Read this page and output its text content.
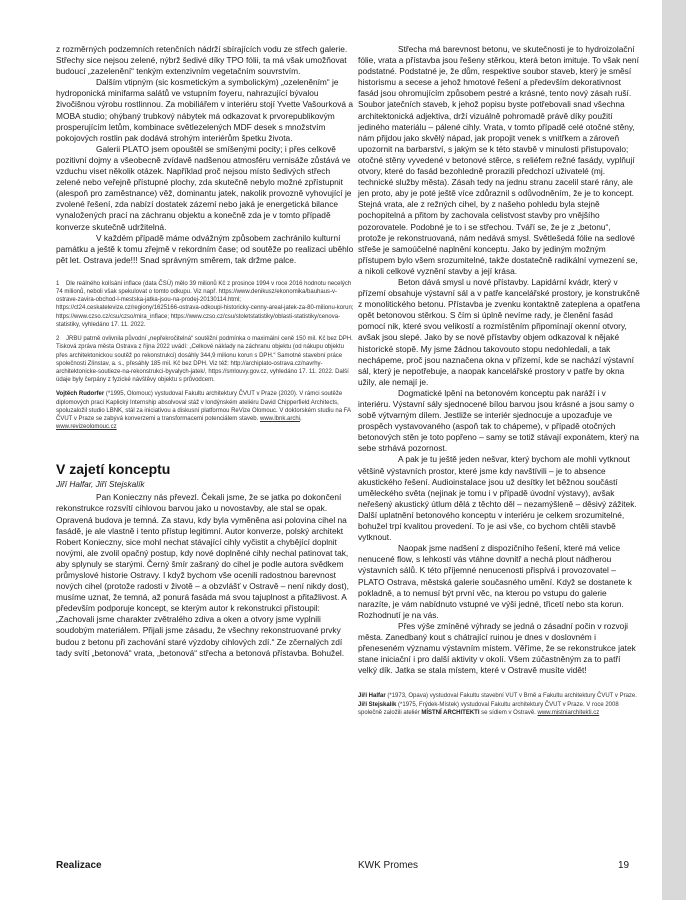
z rozměrných podzemních retenčních nádrží sbírajících vodu ze střech galerie. Střechy sice nejsou zelené, nýbrž šedivé díky TPO fólii, ta má však umožňovat budoucí „zazelenění“ tenkým extenzivním vegetačním souvrstvím.

Dalším vtipným (sic kosmetickým a symbolickým) „ozeleněním“ je hydroponická minifarma salátů ve vstupním foyeru, nahrazující bývalou živočišnou výrobu rostlinnou. Za mobiliářem v interiéru stojí Yvette Vašourková a MOBA studio; ohýbaný trubkový nábytek má odkazovat k prvorepublikovým prosperujícím letům, kombinace světlezelených MDF desek s množstvím pokojových rostlin pak dodává strohým interiérům špetku života.

Galerii PLATO jsem opouštěl se smíšenými pocity; i přes celkově pozitivní dojmy a všeobecně zvídavě nadšenou atmosféru vernisáže zůstává ve vzduchu viset několik otázek. Například proč nejsou místo šedivých střech zelené nebo veřejně přístupné plochy, zda skutečně nebylo možné zpřístupnit (alespoň pro zaměstnance) věž, dominantu jatek, nakolik provozně vyhovující je zvolené řešení, zda nabízí dostatek zázemí nebo jaká je energetická bilance vynaložených prací na záchranu objektu a konečně zda je v tomto případě konverze skutečně udržitelná.

V každém případě máme odvážným způsobem zachránilo kulturní památku a ještě k tomu zřejmě v rekordním čase; od soutěže po realizaci uběhlo pět let. Ostrava jede!!! Snad správným směrem, tak držme palce.

1 Dle reálného kolísání inflace (data ČSÚ) mělo 39 milionů Kč z prosince 1994 v roce 2016 hodnotu necelých 74 milionů, neboli však spekulovat o tomto odkupu. Viz např. https://www.denikusz/ekonomika/bauhaus-v-ostrave-zavira-obchod-l-mestska-jatka-jsou-na-prodej-20130114.html; https://ct24.ceskatelevize.cz/regiony/1625166-ostrava-odkoupi-historicky-cenny-areal-jatek-za-80-milionu-korun; https://www.czso.cz/csu/czso/mira_inflace; https://www.czso.cz/csu/stoletstatistiky/oblasti-statistiky/cenova-statistiky, vyhledáno 17. 11. 2022.

2 JRBU patrně ovlivnila původní „nepřekročitelná“ soutěžní podmínka o maximální ceně 150 mil. Kč bez DPH. Tisková zpráva města Ostrava z října 2022 uvádí: „Celkové náklady na záchranu objektu (od nákupu objektu přes architektonickou soutěž po rekonstrukci) dosáhly 344,9 milionu korun s DPH.“ Samotné stavební práce společnosti Zlínstav, a. s., přesáhly 185 mil. Kč bez DPH. Viz též: http://archiplato-ostrava.cz/navrhy-architektonicke-soutieze-na-rekonstrukci-byvalych-jatek/, https://smlouvy.gov.cz, vyhledáno 17. 11. 2022. Další údaje byly čerpány z fyzické návštěvy objektu s průvodcem.

Vojtěch Rudorfer (*1995, Olomouc) vystudoval Fakultu architektury ČVUT v Praze (2020). V rámci soutěže diplomových prací Kaplický Internship absolvoval stáž v londýnském ateliéru David Chipperfield Architects, spoluzaložil studio LBNK, stál za iniciativou a diskusní platformou ReVize Olomouc. V doktorském studiu na FA ČVUT v Praze se zabývá konverzemi a transformacemi potenciálem staveb. www.lbnk.archi, www.revizeolomouc.cz

V zajetí konceptu
Jiří Halfar, Jiří Stejskalík

Pan Konieczny nás převezl. Čekali jsme, že se jatka po dokončení rekonstrukce rozsvítí cihlovou barvou jako u novostavby, ale stal se opak. Opravená budova je temná. Za stavu, kdy byla vyměněna asi polovina cihel na fasádě, je ale vlastně i tento přístup legitimní. Autor konverze, polský architekt Robert Konieczny, sice mohl nechat stávající cihly vyčistit a chybějící doplnit novými, ale zvolil opačný postup, kdy nové doplněné cihly nechal patinovat tak, aby splynuly se starými. Černý šmír zašraný do cihel je podle autora svědkem průmyslové historie Ostravy. I když bychom vše ocenili radostnou barevnost nových cihel (protože radosti v životě – a obzvlášť v Ostravě – není nikdy dost), musíme uznat, že temná, až ponurá fasáda má svou tajuplnost a přitažlivost. A především podporuje koncept, se kterým autor k rekonstrukci přistoupil: „Zachovali jsme charakter zvětralého zdiva a oken a otvory jsme vyplnili soudobým materiálem. Přijali jsme zásadu, že všechny rekonstruované prvky budou z betonu při zachování staré výzdoby cihlových zdí.“ Ze zčernalých zdí tady svítí „betonová“ vrata, „betonová“ střecha a betonová přístavba. Bohužel.

Střecha má barevnost betonu, ve skutečnosti je to hydroizolační fólie, vrata a přístavba jsou řešeny stěrkou, která beton imituje. To však není podstatné. Podstatné je, že dům, respektive soubor staveb, který je směsí historismu a secese a jehož hmotové řešení a především dekorativnost fasád jsou ohromujícím způsobem pestré a krásné, tento nový zásah ruší. Soubor jatečních staveb, k jehož popisu byste potřebovali snad všechna architektonická adjektiva, drží vizuálně pohromadě právě díky použití jediného materiálu – pálené cihly. Vrata, v tomto případě celé otočné stěny, nám přijdou jako skvělý nápad, jak propojit venek s vnitřkem a zároveň upozornit na barbarství, s jakým se k této stavbě v minulosti přistupovalo; otočné stěny vyvedené v betonové stěrce, s reliéfem režné fasády, vyplňují otvory, které do fasád bezohledně prorazili předchozí uživatelé (mj. technické služby města). Zásah tedy na jednu stranu zacelil staré rány, ale jen proto, aby je poté ještě více zdůraznil s odůvodněním, že je to koncept. Stejná vrata, ale z režných cihel, by z našeho pohledu byla stejně pochopitelná a přitom by zachovala celistvost stavby pro vnějšího pozorovatele. Podobné je to i se střechou. Tváří se, že je z „betonu“, protože je rekonstruovaná, nám nedává smysl. Světlešedá fólie na sedlové střeše je samoúčelné naplnění konceptu. Jako by jediným možným přístupem bylo všem srozumitelné, takže dostatečně radikální vymezení se, a nikoli celkové vyznění stavby a její krása.

Beton dává smysl u nové přístavby. Lapidární kvádr, který v přízemí obsahuje výstavní sál a v patře kancelářské prostory, je konstrukčně z monolitického betonu. Přístavba je zvenku kontaktně zateplena a opatřena opět betonovou stěrkou. S čím si úplně nevíme rady, je členění fasád pomocí nik, které svou velikostí a rozmístěním připomínají okenní otvory, avšak jsou slepé. Jako by se nové přístavby objem odkazoval k nějaké historické stopě. My jsme žádnou takovouto stopu nedohledali, a tak nechápeme, proč jsou naznačena okna v přízemí, kde se nachází výstavní sál, který je nepotřebuje, a naopak kancelářské prostory v patře by okna užily, ale nemají je.

Dogmatické lpění na betonovém konceptu pak naráží i v interiéru. Výstavní sály sjednocené bílou barvou jsou krásné a jsou samy o sobě výtvarným dílem. Jestliže se interiér sjednocuje a upozaďuje ve prospěch vystavovaného (aspoň tak to chápeme), v případě otočných betonových stěn je toto popřeno – samy se totiž stávají exponátem, který na sebe strhává pozornost.

A pak je tu ještě jeden nešvar, který bychom ale mohli vytknout většině výstavních prostor, které jsme kdy navštívili – je to absence akustického řešení. Audioinstalace jsou už desítky let běžnou součástí uměleckého světa (nejinak je tomu i v případě úvodní výstavy), avšak neřešený akustický útlum dělá z těchto děl – nezamýšleně – děsivý zážitek. Další uplatnění betonového konceptu v interiéru je celkem srozumitelné, bohužel trpí kvalitou provedení. To je asi vše, co bychom chtěli stavbě vytknout.

Naopak jsme nadšení z dispozičního řešení, které má velice nenucené flow, s lehkostí vás vtáhne dovnitř a nechá plout nádherou výstavních sálů. K této příjemné nenucenosti přispívá i provozovatel – PLATO Ostrava, městská galerie současného umění. Když se dostanete k pokladně, a to nemusí být první věc, na kterou po vstupu do galerie narazíte, je vám nabídnuto vstupné ve výši jedné, třicetí nebo sta korun. Rozhodnutí je na vás.

Přes výše zmíněné výhrady se jedná o zásadní počin v rozvoji města. Zanedbaný kout s chátrající ruinou je dnes v doslovném i přeneseném významu výstavním místem. Věříme, že se rekonstrukce jatek stane iniciační i pro další aktivity v okolí. Všem zúčastněným za to patří velký dík. Jatka se stala místem, které v Ostravě musíte vidět!

Jiří Halfar (*1973, Opava) vystudoval Fakultu stavební VUT v Brně a Fakultu architektury ČVUT v Praze. Jiří Stejskalík (*1975, Frýdek-Místek) vystudoval Fakultu architektury ČVUT v Praze. V roce 2008 společně založili ateliér MÍSTNÍ ARCHITEKTI se sídlem v Ostravě. www.mistniarchitekti.cz

Realizace	KWK Promes	19
